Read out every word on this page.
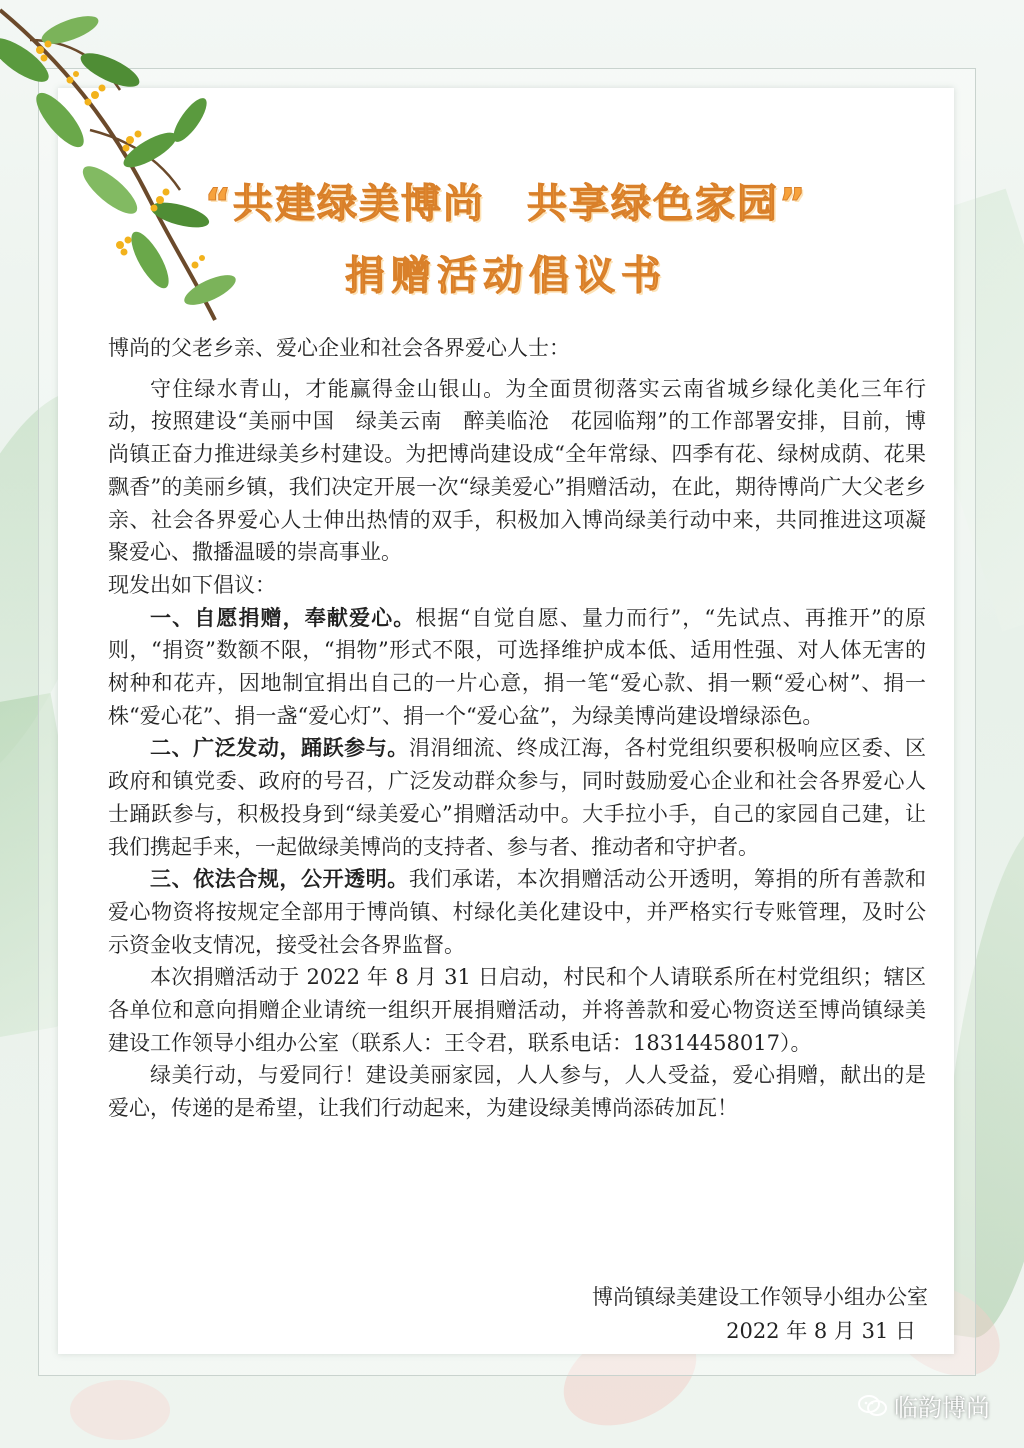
“共建绿美博尚　共享绿色家园”
捐赠活动倡议书

博尚的父老乡亲、爱心企业和社会各界爱心人士：

守住绿水青山，才能赢得金山银山。为全面贯彻落实云南省城乡绿化美化三年行动，按照建设“美丽中国　绿美云南　醉美临沧　花园临翔”的工作部署安排，目前，博尚镇正奋力推进绿美乡村建设。为把博尚建设成“全年常绿、四季有花、绿树成荫、花果飘香”的美丽乡镇，我们决定开展一次“绿美爱心”捐赠活动，在此，期待博尚广大父老乡亲、社会各界爱心人士伸出热情的双手，积极加入博尚绿美行动中来，共同推进这项凝聚爱心、撒播温暖的崇高事业。

现发出如下倡议：

一、自愿捐赠，奉献爱心。根据“自觉自愿、量力而行”，“先试点、再推开”的原则，“捐资”数额不限，“捐物”形式不限，可选择维护成本低、适用性强、对人体无害的树种和花卉，因地制宜捐出自己的一片心意，捐一笔“爱心款、捐一颗“爱心树”、捐一株“爱心花”、捐一盏“爱心灯”、捐一个“爱心盆”，为绿美博尚建设增绿添色。

二、广泛发动，踊跃参与。涓涓细流、终成江海，各村党组织要积极响应区委、区政府和镇党委、政府的号召，广泛发动群众参与，同时鼓励爱心企业和社会各界爱心人士踊跃参与，积极投身到“绿美爱心”捐赠活动中。大手拉小手，自己的家园自己建，让我们携起手来，一起做绿美博尚的支持者、参与者、推动者和守护者。

三、依法合规，公开透明。我们承诺，本次捐赠活动公开透明，筹捐的所有善款和爱心物资将按规定全部用于博尚镇、村绿化美化建设中，并严格实行专账管理，及时公示资金收支情况，接受社会各界监督。

本次捐赠活动于 2022 年 8 月 31 日启动，村民和个人请联系所在村党组织；辖区各单位和意向捐赠企业请统一组织开展捐赠活动，并将善款和爱心物资送至博尚镇绿美建设工作领导小组办公室（联系人：王令君，联系电话：18314458017）。

绿美行动，与爱同行！建设美丽家园，人人参与，人人受益，爱心捐赠，献出的是爱心，传递的是希望，让我们行动起来，为建设绿美博尚添砖加瓦！

博尚镇绿美建设工作领导小组办公室
2022 年 8 月 31 日
临韵博尚
